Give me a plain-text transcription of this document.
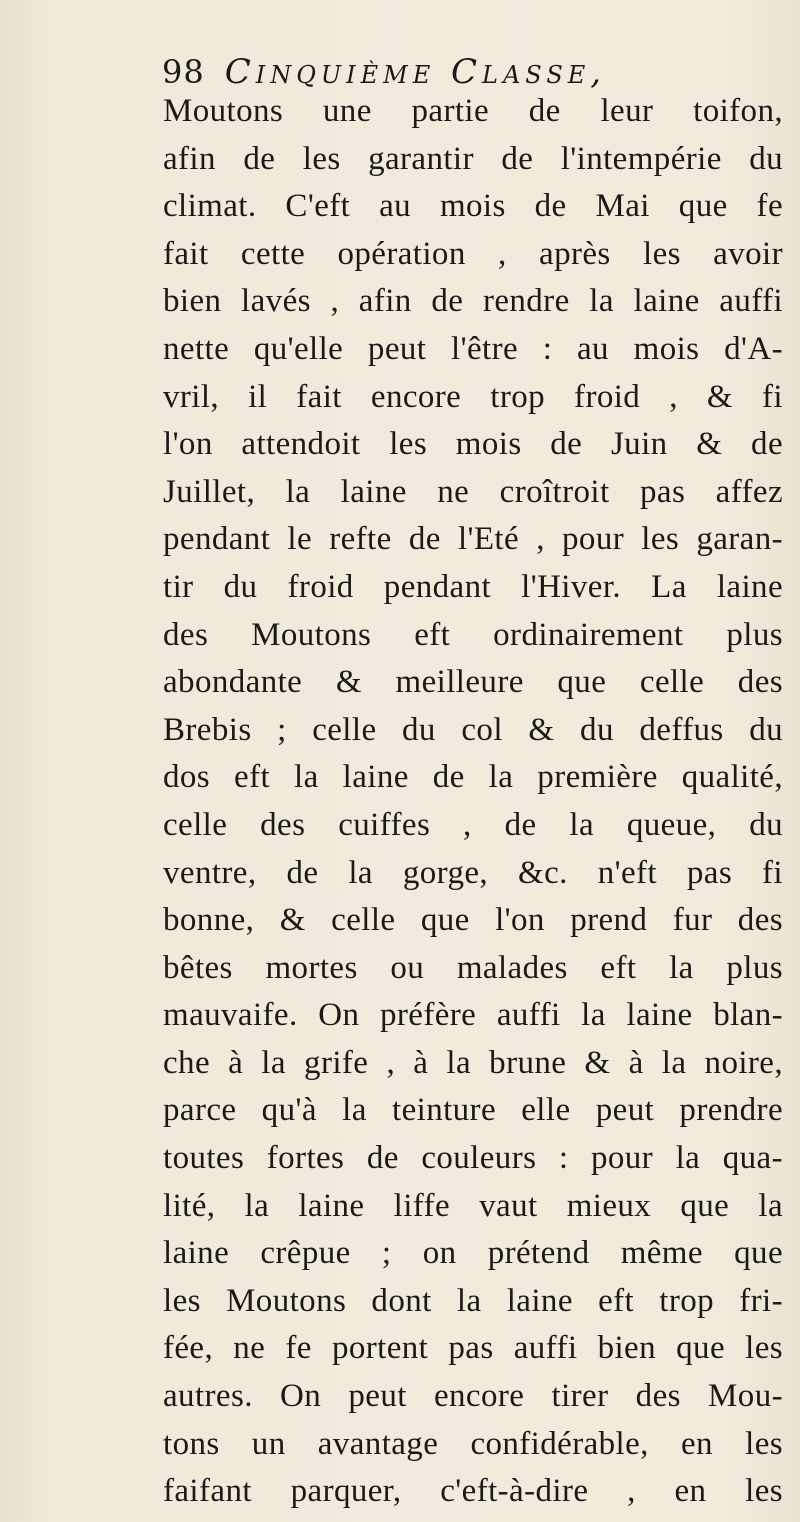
98 Cinquième Classe,
Moutons une partie de leur toifon,
afin de les garantir de l'intempérie du
climat. C'eft au mois de Mai que fe
fait cette opération , après les avoir
bien lavés , afin de rendre la laine auffi
nette qu'elle peut l'être : au mois d'A-
vril, il fait encore trop froid , & fi
l'on attendoit les mois de Juin & de
Juillet, la laine ne croîtroit pas affez
pendant le refte de l'Eté , pour les garan-
tir du froid pendant l'Hiver. La laine
des Moutons eft ordinairement plus
abondante & meilleure que celle des
Brebis ; celle du col & du deffus du
dos eft la laine de la première qualité,
celle des cuiffes , de la queue, du
ventre, de la gorge, &c. n'eft pas fi
bonne, & celle que l'on prend fur des
bêtes mortes ou malades eft la plus
mauvaife. On préfère auffi la laine blan-
che à la grife , à la brune & à la noire,
parce qu'à la teinture elle peut prendre
toutes fortes de couleurs : pour la qua-
lité, la laine liffe vaut mieux que la
laine crêpue ; on prétend même que
les Moutons dont la laine eft trop fri-
fée, ne fe portent pas auffi bien que les
autres. On peut encore tirer des Mou-
tons un avantage confidérable, en les
faifant parquer, c'eft-à-dire , en les
